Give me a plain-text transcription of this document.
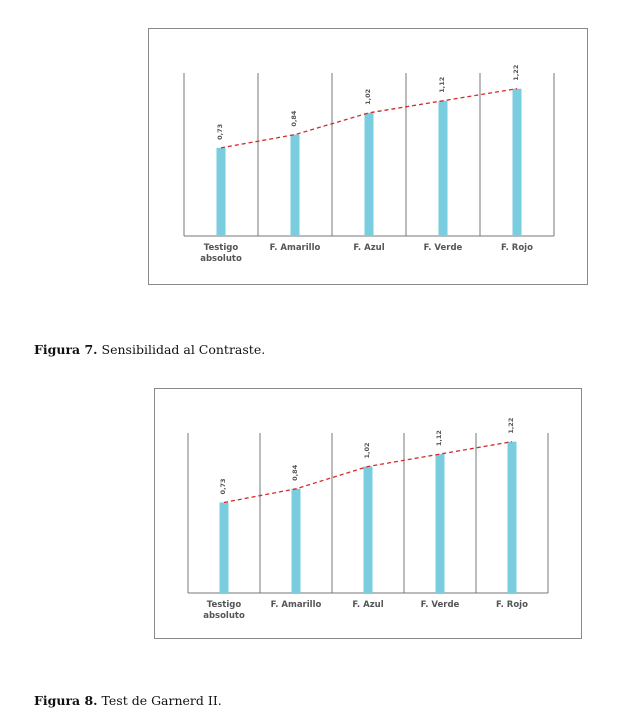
0,73
Testigo
absoluto
0,84
F. Amarillo
1,02
F. Azul
1,12
F. Verde
1,22
F. Rojo
Figura 7. Sensibilidad al Contraste.
0,73
Testigo
absoluto
0,84
F. Amarillo
1,02
F. Azul
1,12
F. Verde
1,22
F. Rojo
Figura 8. Test de Garnerd II.
